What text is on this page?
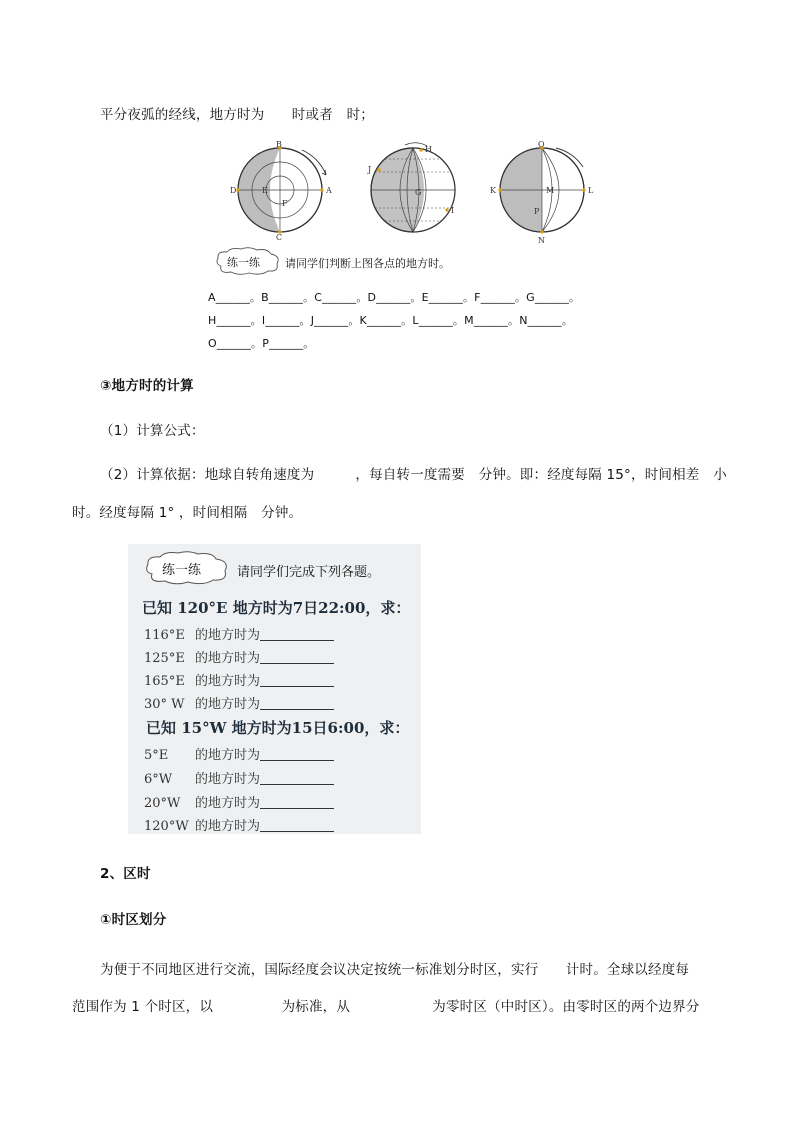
平分夜弧的经线，地方时为　　时或者　时；
B
D	E
F
A
C
H
J
G
I
O
K	M	L
P
N
练一练 请同学们判断上图各点的地方时。
A______。B______。C______。D______。E______。F______。G______。
H______。I______。J______。K______。L______。M______。N______。
O______。P______。
③地方时的计算
（1）计算公式：
（2）计算依据：地球自转角速度为　　　，每自转一度需要　分钟。即：经度每隔 15°，时间相差　小
时。经度每隔 1° ，时间相隔　分钟。
练一练	请同学们完成下列各题。
已知 120°E 地方时为7日22:00，求：
116°E 的地方时为
125°E 的地方时为
165°E 的地方时为
30° W 的地方时为
已知 15°W 地方时为15日6:00，求：
5°E 的地方时为
6°W 的地方时为
20°W 的地方时为
120°W 的地方时为
2、区时
①时区划分
为便于不同地区进行交流，国际经度会议决定按统一标准划分时区，实行　　计时。全球以经度每
范围作为 1 个时区，以　　　　　为标准，从　　　　　　为零时区（中时区）。由零时区的两个边界分
